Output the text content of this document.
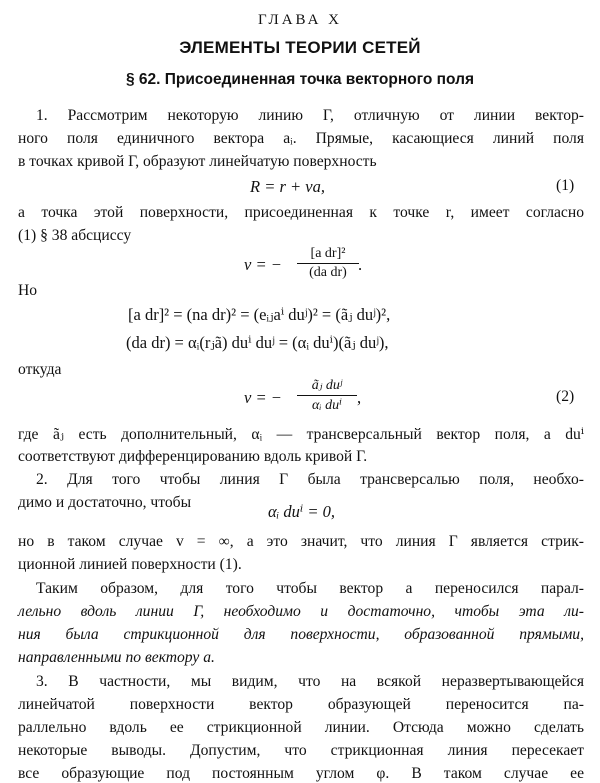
ГЛАВА X
ЭЛЕМЕНТЫ ТЕОРИИ СЕТЕЙ
§ 62. Присоединенная точка векторного поля
1. Рассмотрим некоторую линию Γ, отличную от линии вектор-
ного поля единичного вектора aᵢ. Прямые, касающиеся линий поля
в точках кривой Γ, образуют линейчатую поверхность
R = r + va,	(1)
а точка этой поверхности, присоединенная к точке r, имеет согласно
(1) § 38 абсциссу
v = − $\frac{\text{[a dr]²}}{\text{(da dr)}}$ .
Но
[a dr]² = (na dr)² = (eᵢⱼaⁱ duʲ)² = (ãⱼ duʲ)²,
(da dr) = αᵢ(rⱼã) duⁱ duʲ = (αᵢ duⁱ)(ãⱼ duʲ),
откуда
v = −
ãⱼ duʲ
αᵢ duⁱ ,	(2)
где ãⱼ есть дополнительный, αᵢ — трансверсальный вектор поля, а duⁱ
соответствуют дифференцированию вдоль кривой Γ.
2. Для того чтобы линия Γ была трансверсалью поля, необхо-
димо и достаточно, чтобы	αᵢ duⁱ = 0,
но в таком случае v = ∞, а это значит, что линия Γ является стрик-
ционной линией поверхности (1).
Таким образом, для того чтобы вектор a переносился парал-
лельно вдоль линии Γ, необходимо и достаточно, чтобы эта ли-
ния была стрикционной для поверхности, образованной прямыми,
направленными по вектору a.
3. В частности, мы видим, что на всякой неразвертывающейся
линейчатой поверхности вектор образующей переносится па-
раллельно вдоль ее стрикционной линии. Отсюда можно сделать
некоторые выводы. Допустим, что стрикционная линия пересекает
все образующие под постоянным углом φ. В таком случае ее
